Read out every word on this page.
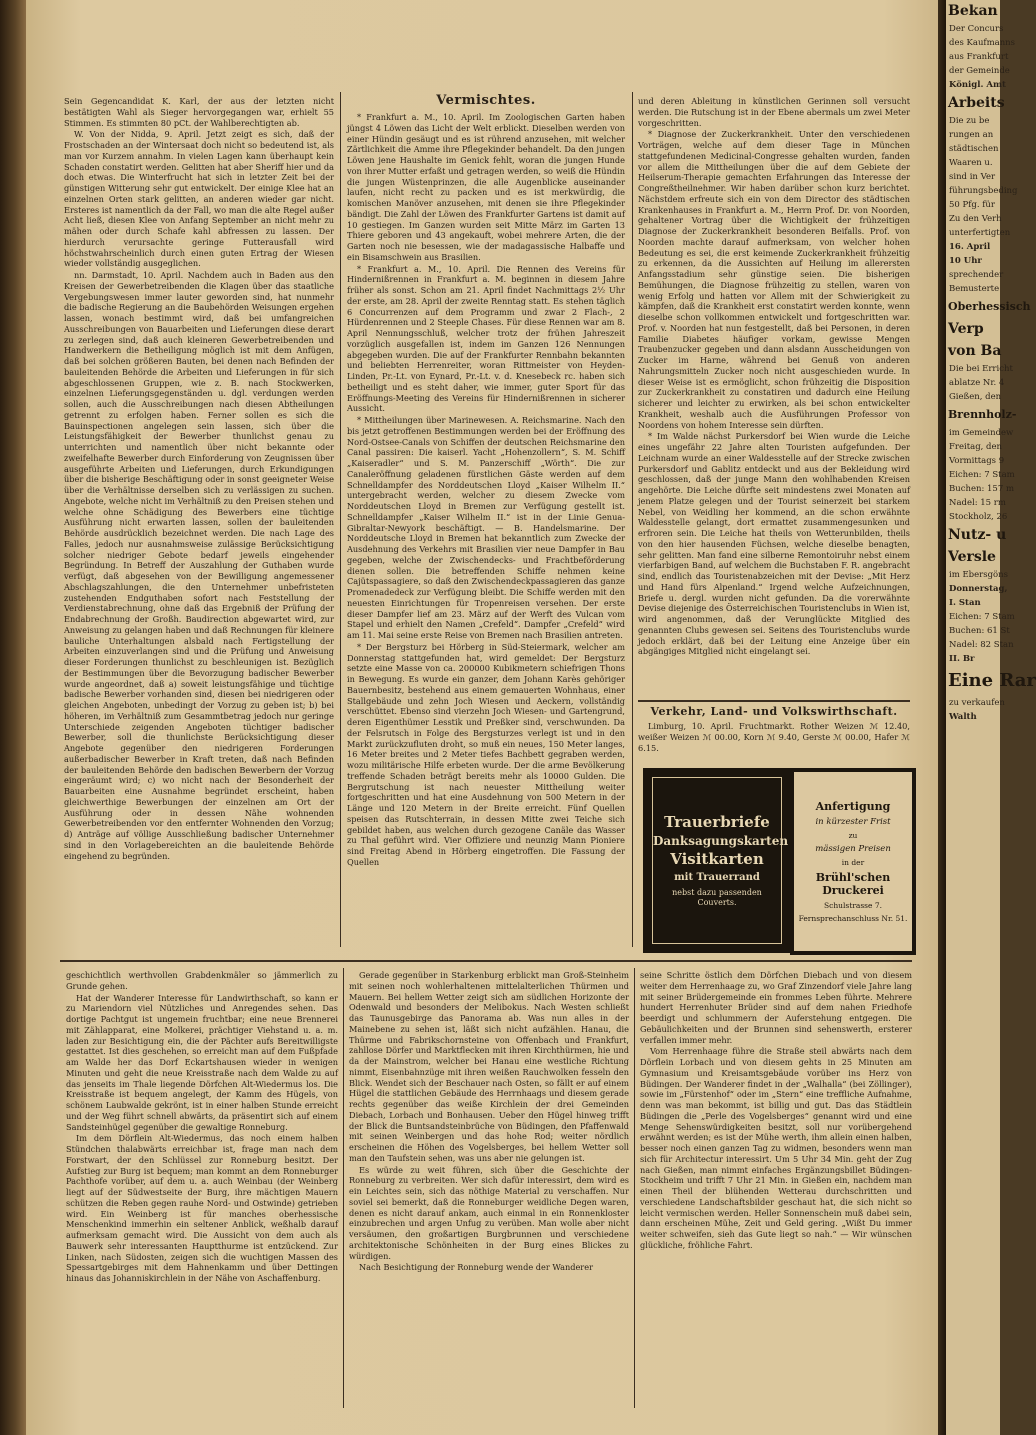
Sein Gegencandidat K. Karl, der aus der letzten nicht bestätigten Wahl als Sieger hervorgegangen war, erhielt 55 Stimmen. Es stimmten 80 pCt. der Wahlberechtigten ab.

W. Von der Nidda, 9. April. Jetzt zeigt es sich, daß der Frostschaden an der Wintersaat doch nicht so bedeutend ist, als man vor Kurzem annahm. In vielen Lagen kann überhaupt kein Schaden constatirt werden. Gelitten hat aber Sheriff hier und da doch etwas. Die Winterfrucht hat sich in letzter Zeit bei der günstigen Witterung sehr gut entwickelt. Der einige Klee hat an einzelnen Orten stark gelitten, an anderen wieder gar nicht. Ersteres ist namentlich da der Fall, wo man die alte Regel außer Acht ließ, diesen Klee von Anfang September an nicht mehr zu mähen oder durch Schafe kahl abfressen zu lassen. Der hierdurch verursachte geringe Futterausfall wird höchstwahrscheinlich durch einen guten Ertrag der Wiesen wieder vollständig ausgeglichen.

nn. Darmstadt, 10. April. Nachdem auch in Baden aus den Kreisen der Gewerbetreibenden die Klagen über das staatliche Vergebungswesen immer lauter geworden sind, hat nunmehr die badische Regierung an die Baubehörden Weisungen ergehen lassen, wonach bestimmt wird, daß bei umfangreichen Ausschreibungen von Bauarbeiten und Lieferungen diese derart zu zerlegen sind, daß auch kleineren Gewerbetreibenden und Handwerkern die Betheiligung möglich ist mit dem Anfügen, daß bei solchen größeren Bauten, bei denen nach Befinden der bauleitenden Behörde die Arbeiten und Lieferungen in für sich abgeschlossenen Gruppen, wie z. B. nach Stockwerken, einzelnen Lieferungsgegenständen u. dgl. verdungen werden sollen, auch die Ausschreibungen nach diesen Abtheilungen getrennt zu erfolgen haben. Ferner sollen es sich die Bauinspectionen angelegen sein lassen, sich über die Leistungsfähigkeit der Bewerber thunlichst genau zu unterrichten und namentlich über nicht bekannte oder zweifelhafte Bewerber durch Einforderung von Zeugnissen über ausgeführte Arbeiten und Lieferungen, durch Erkundigungen über die bisherige Beschäftigung oder in sonst geeigneter Weise über die Verhältnisse derselben sich zu verlässigen zu suchen. Angebote, welche nicht im Verhältniß zu den Preisen stehen und welche ohne Schädigung des Bewerbers eine tüchtige Ausführung nicht erwarten lassen, sollen der bauleitenden Behörde ausdrücklich bezeichnet werden. Die nach Lage des Falles, jedoch nur ausnahmsweise zulässige Berücksichtigung solcher niedriger Gebote bedarf jeweils eingehender Begründung. In Betreff der Auszahlung der Guthaben wurde verfügt, daß abgesehen von der Bewilligung angemessener Abschlagszahlungen, die den Unternehmer unbefristeten zustehenden Endguthaben sofort nach Feststellung der Verdienstabrechnung, ohne daß das Ergebniß der Prüfung der Endabrechnung der Großh. Baudirection abgewartet wird, zur Anweisung zu gelangen haben und daß Rechnungen für kleinere bauliche Unterhaltungen alsbald nach Fertigstellung der Arbeiten einzuverlangen sind und die Prüfung und Anweisung dieser Forderungen thunlichst zu beschleunigen ist. Bezüglich der Bestimmungen über die Bevorzugung badischer Bewerber wurde angeordnet, daß a) soweit leistungsfähige und tüchtige badische Bewerber vorhanden sind, diesen bei niedrigeren oder gleichen Angeboten, unbedingt der Vorzug zu geben ist; b) bei höheren, im Verhältniß zum Gesammtbetrag jedoch nur geringe Unterschiede zeigenden Angeboten tüchtiger badischer Bewerber, soll die thunlichste Berücksichtigung dieser Angebote gegenüber den niedrigeren Forderungen außerbadischer Bewerber in Kraft treten, daß nach Befinden der bauleitenden Behörde den badischen Bewerbern der Vorzug eingeräumt wird; c) wo nicht nach der Besonderheit der Bauarbeiten eine Ausnahme begründet erscheint, haben gleichwerthige Bewerbungen der einzelnen am Ort der Ausführung oder in dessen Nähe wohnenden Gewerbetreibenden vor den entfernter Wohnenden den Vorzug; d) Anträge auf völlige Ausschließung badischer Unternehmer sind in den Vorlagebereichten an die bauleitende Behörde eingehend zu begründen.

Vermischtes.

* Frankfurt a. M., 10. April. Im Zoologischen Garten haben jüngst 4 Löwen das Licht der Welt erblickt. Dieselben werden von einer Hündin gesäugt und es ist rührend anzusehen, mit welcher Zärtlichkeit die Amme ihre Pflegekinder behandelt. Da den jungen Löwen jene Haushalte im Genick fehlt, woran die jungen Hunde von ihrer Mutter erfaßt und getragen werden, so weiß die Hündin die jungen Wüstenprinzen, die alle Augenblicke auseinander laufen, nicht recht zu packen und es ist merkwürdig, die komischen Manöver anzusehen, mit denen sie ihre Pflegekinder bändigt. Die Zahl der Löwen des Frankfurter Gartens ist damit auf 10 gestiegen. Im Ganzen wurden seit Mitte März im Garten 13 Thiere geboren und 43 angekauft, wobei mehrere Arten, die der Garten noch nie besessen, wie der madagassische Halbaffe und ein Bisamschwein aus Brasilien.

* Frankfurt a. M., 10. April. Die Rennen des Vereins für Hindernißrennen in Frankfurt a. M. beginnen in diesem Jahre früher als sonst. Schon am 21. April findet Nachmittags 2½ Uhr der erste, am 28. April der zweite Renntag statt. Es stehen täglich 6 Concurrenzen auf dem Programm und zwar 2 Flach-, 2 Hürdenrennen und 2 Steeple Chases. Für diese Rennen war am 8. April Nennungsschluß, welcher trotz der frühen Jahreszeit vorzüglich ausgefallen ist, indem im Ganzen 126 Nennungen abgegeben wurden. Die auf der Frankfurter Rennbahn bekannten und beliebten Herrenreiter, woran Rittmeister von Heyden-Linden, Pr.-Lt. von Eynard, Pr.-Lt. v. d. Knesebeck rc. haben sich betheiligt und es steht daher, wie immer, guter Sport für das Eröffnungs-Meeting des Vereins für Hindernißrennen in sicherer Aussicht.

* Mittheilungen über Marinewesen. A. Reichsmarine. Nach den bis jetzt getroffenen Bestimmungen werden bei der Eröffnung des Nord-Ostsee-Canals von Schiffen der deutschen Reichsmarine den Canal passiren: Die kaiserl. Yacht „Hohenzollern“, S. M. Schiff „Kaiseradler“ und S. M. Panzerschiff „Wörth“. Die zur Canaleröffnung geladenen fürstlichen Gäste werden auf dem Schnelldampfer des Norddeutschen Lloyd „Kaiser Wilhelm II.“ untergebracht werden, welcher zu diesem Zwecke vom Norddeutschen Lloyd in Bremen zur Verfügung gestellt ist. Schnelldampfer „Kaiser Wilhelm II.“ ist in der Linie Genua-Gibraltar-Newyork beschäftigt. — B. Handelsmarine. Der Norddeutsche Lloyd in Bremen hat bekanntlich zum Zwecke der Ausdehnung des Verkehrs mit Brasilien vier neue Dampfer in Bau gegeben, welche der Zwischendecks- und Frachtbeförderung dienen sollen. Die betreffenden Schiffe nehmen keine Cajütspassagiere, so daß den Zwischendeckpassagieren das ganze Promenadedeck zur Verfügung bleibt. Die Schiffe werden mit den neuesten Einrichtungen für Tropenreisen versehen. Der erste dieser Dampfer lief am 23. März auf der Werft des Vulcan vom Stapel und erhielt den Namen „Crefeld“. Dampfer „Crefeld“ wird am 11. Mai seine erste Reise von Bremen nach Brasilien antreten.

* Der Bergsturz bei Hörberg in Süd-Steiermark, welcher am Donnerstag stattgefunden hat, wird gemeldet: Der Bergsturz setzte eine Masse von ca. 200000 Kubikmetern schiefrigen Thons in Bewegung. Es wurde ein ganzer, dem Johann Karès gehöriger Bauernbesitz, bestehend aus einem gemauerten Wohnhaus, einer Stallgebäude und zehn Joch Wiesen und Aeckern, vollständig verschüttet. Ebenso sind vierzehn Joch Wiesen- und Gartengrund, deren Eigenthümer Lesstik und Preßker sind, verschwunden. Da der Felsrutsch in Folge des Bergsturzes verlegt ist und in den Markt zurückzufluten droht, so muß ein neues, 150 Meter langes, 16 Meter breites und 2 Meter tiefes Bachbett gegraben werden, wozu militärische Hilfe erbeten wurde. Der die arme Bevölkerung treffende Schaden beträgt bereits mehr als 10000 Gulden. Die Bergrutschung ist nach neuester Mittheilung weiter fortgeschritten und hat eine Ausdehnung von 500 Metern in der Länge und 120 Metern in der Breite erreicht. Fünf Quellen speisen das Rutschterrain, in dessen Mitte zwei Teiche sich gebildet haben, aus welchen durch gezogene Canäle das Wasser zu Thal geführt wird. Vier Offiziere und neunzig Mann Pioniere sind Freitag Abend in Hörberg eingetroffen. Die Fassung der Quellen

und deren Ableitung in künstlichen Gerinnen soll versucht werden. Die Rutschung ist in der Ebene abermals um zwei Meter vorgeschritten.

* Diagnose der Zuckerkrankheit. Unter den verschiedenen Vorträgen, welche auf dem dieser Tage in München stattgefundenen Medicinal-Congresse gehalten wurden, fanden vor allem die Mittheilungen über die auf dem Gebiete der Heilserum-Therapie gemachten Erfahrungen das Interesse der Congreßtheilnehmer. Wir haben darüber schon kurz berichtet. Nächstdem erfreute sich ein von dem Director des städtischen Krankenhauses in Frankfurt a. M., Herrn Prof. Dr. von Noorden, gehaltener Vortrag über die Wichtigkeit der frühzeitigen Diagnose der Zuckerkrankheit besonderen Beifalls. Prof. von Noorden machte darauf aufmerksam, von welcher hohen Bedeutung es sei, die erst keimende Zuckerkrankheit frühzeitig zu erkennen, da die Aussichten auf Heilung im allerersten Anfangsstadium sehr günstige seien. Die bisherigen Bemühungen, die Diagnose frühzeitig zu stellen, waren von wenig Erfolg und hatten vor Allem mit der Schwierigkeit zu kämpfen, daß die Krankheit erst constatirt werden konnte, wenn dieselbe schon vollkommen entwickelt und fortgeschritten war. Prof. v. Noorden hat nun festgestellt, daß bei Personen, in deren Familie Diabetes häufiger vorkam, gewisse Mengen Traubenzucker gegeben und dann alsdann Ausscheidungen von Zucker im Harne, während bei Genuß von anderen Nahrungsmitteln Zucker noch nicht ausgeschieden wurde. In dieser Weise ist es ermöglicht, schon frühzeitig die Disposition zur Zuckerkrankheit zu constatiren und dadurch eine Heilung sicherer und leichter zu erwirken, als bei schon entwickelter Krankheit, weshalb auch die Ausführungen Professor von Noordens von hohem Interesse sein dürften.

* Im Walde nächst Purkersdorf bei Wien wurde die Leiche eines ungefähr 22 Jahre alten Touristen aufgefunden. Der Leichnam wurde an einer Waldesstelle auf der Strecke zwischen Purkersdorf und Gablitz entdeckt und aus der Bekleidung wird geschlossen, daß der junge Mann den wohlhabenden Kreisen angehörte. Die Leiche dürfte seit mindestens zwei Monaten auf jenem Platze gelegen und der Tourist seinerzeit bei starkem Nebel, von Weidling her kommend, an die schon erwähnte Waldesstelle gelangt, dort ermattet zusammengesunken und erfroren sein. Die Leiche hat theils von Wetterunbilden, theils von den hier hausenden Füchsen, welche dieselbe benagten, sehr gelitten. Man fand eine silberne Remontoiruhr nebst einem vierfarbigen Band, auf welchem die Buchstaben F. R. angebracht sind, endlich das Touristenabzeichen mit der Devise: „Mit Herz und Hand fürs Alpenland.“ Irgend welche Aufzeichnungen, Briefe u. dergl. wurden nicht gefunden. Da die vorerwähnte Devise diejenige des Österreichischen Touristenclubs in Wien ist, wird angenommen, daß der Verunglückte Mitglied des genannten Clubs gewesen sei. Seitens des Touristenclubs wurde jedoch erklärt, daß bei der Leitung eine Anzeige über ein abgängiges Mitglied nicht eingelangt sei.

Verkehr, Land- und Volkswirthschaft.

Limburg, 10. April. Fruchtmarkt. Rother Weizen ℳ 12.40, weißer Weizen ℳ 00.00, Korn ℳ 9.40, Gerste ℳ 00.00, Hafer ℳ 6.15.

Trauerbriefe
Danksagungskarten
Visitkarten
mit Trauerrand
nebst dazu passenden Couverts.
Anfertigung
in kürzester Frist
zu
mässigen Preisen
in der
Brühl'schen Druckerei
Schulstrasse 7.
Fernsprechanschluss Nr. 51.

geschichtlich werthvollen Grabdenkmäler so jämmerlich zu Grunde gehen.

Hat der Wanderer Interesse für Landwirthschaft, so kann er zu Mariendorn viel Nützliches und Anregendes sehen. Das dortige Pachtgut ist ungemein fruchtbar; eine neue Brennerei mit Zählapparat, eine Molkerei, prächtiger Viehstand u. a. m. laden zur Besichtigung ein, die der Pächter aufs Bereitwilligste gestattet. Ist dies geschehen, so erreicht man auf dem Fußpfade am Walde her das Dorf Eckartshausen wieder in wenigen Minuten und geht die neue Kreisstraße nach dem Walde zu auf das jenseits im Thale liegende Dörfchen Alt-Wiedermus los. Die Kreisstraße ist bequem angelegt, der Kamm des Hügels, von schönem Laubwalde gekrönt, ist in einer halben Stunde erreicht und der Weg führt schnell abwärts, da präsentirt sich auf einem Sandsteinhügel gegenüber die gewaltige Ronneburg.

Im dem Dörflein Alt-Wiedermus, das noch einem halben Stündchen thalabwärts erreichbar ist, frage man nach dem Forstwart, der den Schlüssel zur Ronneburg besitzt. Der Aufstieg zur Burg ist bequem; man kommt an dem Ronneburger Pachthofe vorüber, auf dem u. a. auch Weinbau (der Weinberg liegt auf der Südwestseite der Burg, ihre mächtigen Mauern schützen die Reben gegen rauhe Nord- und Ostwinde) getrieben wird. Ein Weinberg ist für manches oberhessische Menschenkind immerhin ein seltener Anblick, weßhalb darauf aufmerksam gemacht wird. Die Aussicht von dem auch als Bauwerk sehr interessanten Hauptthurme ist entzückend. Zur Linken, nach Südosten, zeigen sich die wuchtigen Massen des Spessartgebirges mit dem Hahnenkamm und über Dettingen hinaus das Johanniskirchlein in der Nähe von Aschaffenburg.

Gerade gegenüber in Starkenburg erblickt man Groß-Steinheim mit seinen noch wohlerhaltenen mittelalterlichen Thürmen und Mauern. Bei hellem Wetter zeigt sich am südlichen Horizonte der Odenwald und besonders der Melibokus. Nach Westen schließt das Taunusgebirge das Panorama ab. Was nun alles in der Mainebene zu sehen ist, läßt sich nicht aufzählen. Hanau, die Thürme und Fabrikschornsteine von Offenbach und Frankfurt, zahllose Dörfer und Marktflecken mit ihren Kirchthürmen, hie und da der Mainstrom, welcher bei Hanau eine westliche Richtung nimmt, Eisenbahnzüge mit ihren weißen Rauchwolken fesseln den Blick. Wendet sich der Beschauer nach Osten, so fällt er auf einem Hügel die stattlichen Gebäude des Herrnhaags und diesem gerade rechts gegenüber das weiße Kirchlein der drei Gemeinden Diebach, Lorbach und Bonhausen. Ueber den Hügel hinweg trifft der Blick die Buntsandsteinbrüche von Büdingen, den Pfaffenwald mit seinen Weinbergen und das hohe Rod; weiter nördlich erscheinen die Höhen des Vogelsberges, bei hellem Wetter soll man den Taufstein sehen, was uns aber nie gelungen ist.

Es würde zu weit führen, sich über die Geschichte der Ronneburg zu verbreiten. Wer sich dafür interessirt, dem wird es ein Leichtes sein, sich das nöthige Material zu verschaffen. Nur soviel sei bemerkt, daß die Ronneburger weidliche Degen waren, denen es nicht darauf ankam, auch einmal in ein Ronnenkloster einzubrechen und argen Unfug zu verüben. Man wolle aber nicht versäumen, den großartigen Burgbrunnen und verschiedene architektonische Schönheiten in der Burg eines Blickes zu würdigen.

Nach Besichtigung der Ronneburg wende der Wanderer

seine Schritte östlich dem Dörfchen Diebach und von diesem weiter dem Herrenhaage zu, wo Graf Zinzendorf viele Jahre lang mit seiner Brüdergemeinde ein frommes Leben führte. Mehrere hundert Herrenhuter Brüder sind auf dem nahen Friedhofe beerdigt und schlummern der Auferstehung entgegen. Die Gebäulichkeiten und der Brunnen sind sehenswerth, ersterer verfallen immer mehr.

Vom Herrenhaage führe die Straße steil abwärts nach dem Dörflein Lorbach und von diesem gehts in 25 Minuten am Gymnasium und Kreisamtsgebäude vorüber ins Herz von Büdingen. Der Wanderer findet in der „Walhalla“ (bei Zöllinger), sowie im „Fürstenhof“ oder im „Stern“ eine treffliche Aufnahme, denn was man bekommt, ist billig und gut. Das das Städtlein Büdingen die „Perle des Vogelsberges“ genannt wird und eine Menge Sehenswürdigkeiten besitzt, soll nur vorübergehend erwähnt werden; es ist der Mühe werth, ihm allein einen halben, besser noch einen ganzen Tag zu widmen, besonders wenn man sich für Architectur interessirt. Um 5 Uhr 34 Min. geht der Zug nach Gießen, man nimmt einfaches Ergänzungsbillet Büdingen-Stockheim und trifft 7 Uhr 21 Min. in Gießen ein, nachdem man einen Theil der blühenden Wetterau durchschritten und verschiedene Landschaftsbilder geschaut hat, die sich nicht so leicht vermischen werden. Heller Sonnenschein muß dabei sein, dann erscheinen Mühe, Zeit und Geld gering. „Wißt Du immer weiter schweifen, sieh das Gute liegt so nah.“ — Wir wünschen glückliche, fröhliche Fahrt.

Bekan
Der Concurs
des Kaufmanns
aus Frankfurt
der Gemeinde
Königl. Amt
Arbeits
Die zu be
rungen an
städtischen
Waaren u.
sind in Ver
führungsbeding
50 Pfg. für
Zu den Verh
unterfertigten
16. April
10 Uhr
sprechender
Bemusterte
Oberhessisch
Verp
von Ba
Die bei Erricht
ablatze Nr. 4
Gießen, den
Brennholz-
im Gemeindew
Freitag, den
Vormittags 9
Eichen: 7 Stam
Buchen: 157 m
Nadel: 15 rm
Stockholz, 26
Nutz- u
Versle
im Ebersgöns
Donnerstag,
I. Stan
Eichen: 7 Stam
Buchen: 61 St
Nadel: 82 Stan
II. Br
Eine Rar
zu verkaufen
Walth
